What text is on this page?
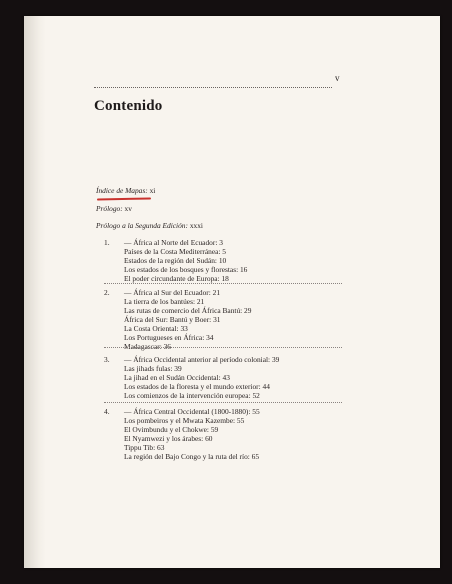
v
Contenido
Índice de Mapas: xi
Prólogo: xv
Prólogo a la Segunda Edición: xxxi
1. — África al Norte del Ecuador: 3
Países de la Costa Mediterránea: 5
Estados de la región del Sudán: 10
Los estados de los bosques y florestas: 16
El poder circundante de Europa: 18
2. — África al Sur del Ecuador: 21
La tierra de los bantúes: 21
Las rutas de comercio del África Bantú: 29
África del Sur: Bantú y Boer: 31
La Costa Oriental: 33
Los Portugueses en África: 34
Madagascar: 36
3. — África Occidental anterior al período colonial: 39
Las jihads fulas: 39
La jihad en el Sudán Occidental: 43
Los estados de la floresta y el mundo exterior: 44
Los comienzos de la intervención europea: 52
4. — África Central Occidental (1800-1880): 55
Los pombeiros y el Mwata Kazembe: 55
El Ovimbundu y el Chokwe: 59
El Nyamwezi y los árabes: 60
Tippu Tib: 63
La región del Bajo Congo y la ruta del río: 65
